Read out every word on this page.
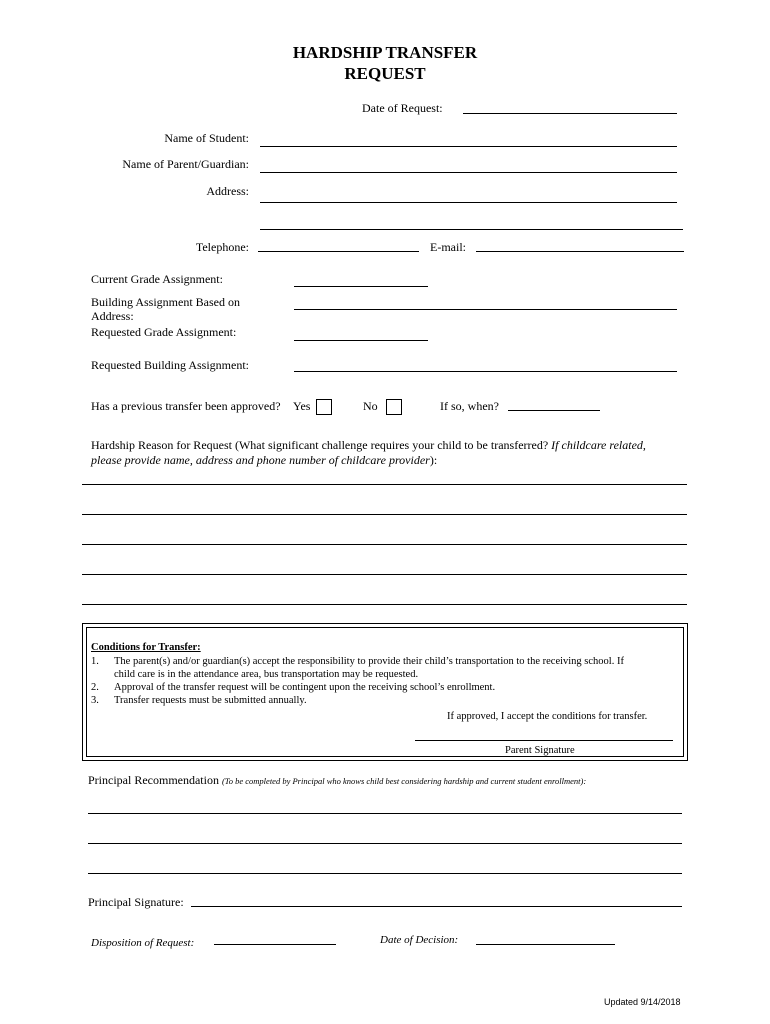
HARDSHIP TRANSFER
REQUEST
Date of Request:
Name of Student:
Name of Parent/Guardian:
Address:
Telephone:	E-mail:
Current Grade Assignment:
Building Assignment Based on
Address:
Requested Grade Assignment:
Requested Building Assignment:
Has a previous transfer been approved? Yes	No	If so, when?
Hardship Reason for Request (What significant challenge requires your child to be transferred? If childcare related,
please provide name, address and phone number of childcare provider):
Conditions for Transfer:
1. The parent(s) and/or guardian(s) accept the responsibility to provide their child’s transportation to the receiving school. If
child care is in the attendance area, bus transportation may be requested.
2. Approval of the transfer request will be contingent upon the receiving school’s enrollment.
3. Transfer requests must be submitted annually.
If approved, I accept the conditions for transfer.
Parent Signature
Principal Recommendation (To be completed by Principal who knows child best considering hardship and current student enrollment):
Principal Signature:
Disposition of Request:	Date of Decision:
Updated 9/14/2018
